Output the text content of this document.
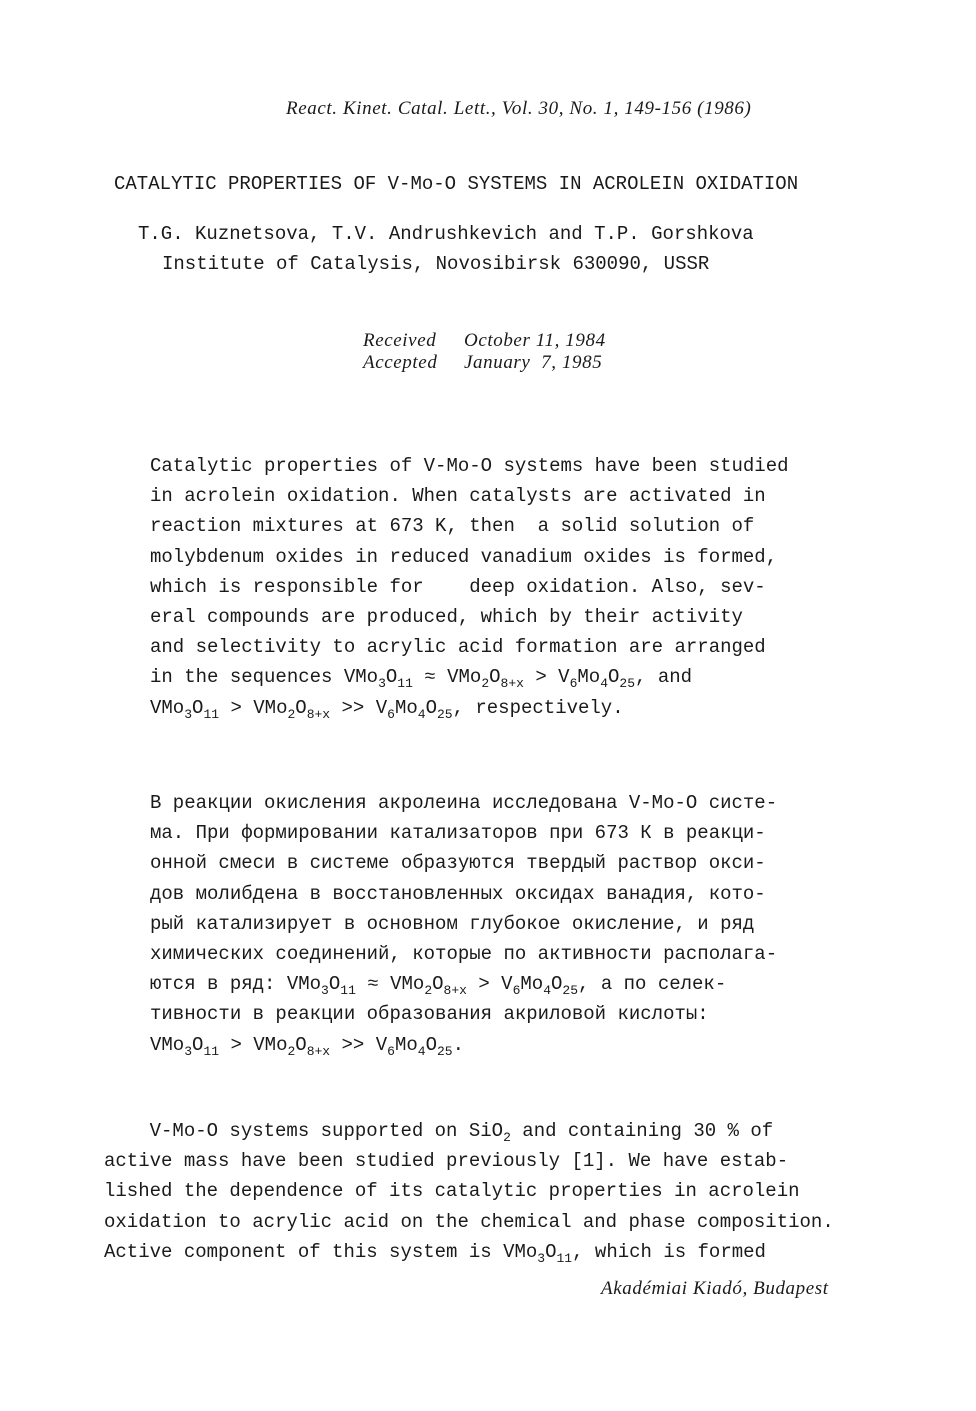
React. Kinet. Catal. Lett., Vol. 30, No. 1, 149-156 (1986)
CATALYTIC PROPERTIES OF V-Mo-O SYSTEMS IN ACROLEIN OXIDATION
T.G. Kuznetsova, T.V. Andrushkevich and T.P. Gorshkova
Institute of Catalysis, Novosibirsk 630090, USSR
Received October 11, 1984
Accepted January  7, 1985
Catalytic properties of V-Mo-O systems have been studied
in acrolein oxidation. When catalysts are activated in
reaction mixtures at 673 K, then  a solid solution of
molybdenum oxides in reduced vanadium oxides is formed,
which is responsible for    deep oxidation. Also, sev-
eral compounds are produced, which by their activity
and selectivity to acrylic acid formation are arranged
in the sequences $VMo_3O_{11} \approx VMo_2O_{8+x} > V_6Mo_4O_{25}$, and
$VMo_3O_{11} > VMo_2O_{8+x} >> V_6Mo_4O_{25}$, respectively.
В реакции окисления акролеина исследована V-Mo-O систе-
ма. При формировании катализаторов при 673 К в реакци-
онной смеси в системе образуются твердый раствор окси-
дов молибдена в восстановленных оксидах ванадия, кото-
рый катализирует в основном глубокое окисление, и ряд
химических соединений, которые по активности располага-
ются в ряд: $VMo_3O_{11} \approx VMo_2O_{8+x} > V_6Mo_4O_{25}$, а по селек-
тивности в реакции образования акриловой кислоты:
$VMo_3O_{11} > VMo_2O_{8+x} >> V_6Mo_4O_{25}$.
V-Mo-O systems supported on SiO$_2$ and containing 30 % of
active mass have been studied previously [1]. We have estab-
lished the dependence of its catalytic properties in acrolein
oxidation to acrylic acid on the chemical and phase composition.
Active component of this system is $VMo_3O_{11}$, which is formed
Akadémiai Kiadó, Budapest
